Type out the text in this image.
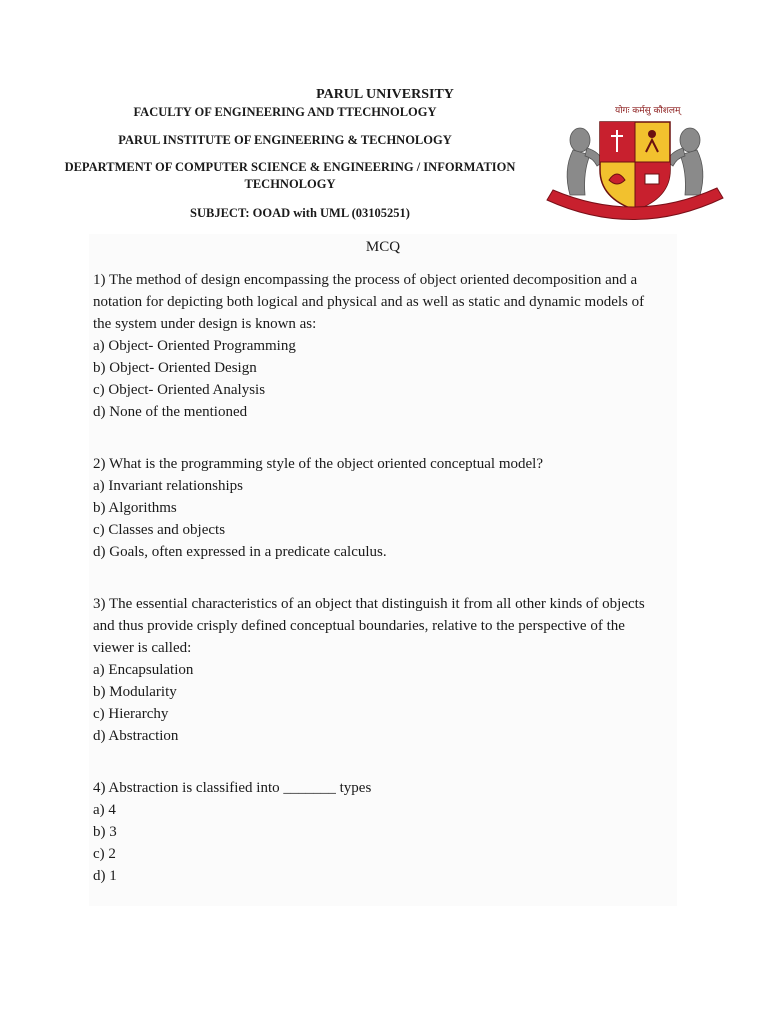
PARUL UNIVERSITY
FACULTY OF ENGINEERING AND TTECHNOLOGY
PARUL INSTITUTE OF ENGINEERING & TECHNOLOGY
DEPARTMENT OF COMPUTER SCIENCE & ENGINEERING / INFORMATION
TECHNOLOGY
SUBJECT: OOAD with UML (03105251)
योगः कर्मसु कौशलम्
MCQ

1) The method of design encompassing the process of object oriented decomposition and a

notation for depicting both logical and physical and as well as static and dynamic models of

the system under design is known as:

a) Object- Oriented Programming

b) Object- Oriented Design

c) Object- Oriented Analysis

d) None of the mentioned

2) What is the programming style of the object oriented conceptual model?

a) Invariant relationships

b) Algorithms

c) Classes and objects

d) Goals, often expressed in a predicate calculus.

3) The essential characteristics of an object that distinguish it from all other kinds of objects

and thus provide crisply defined conceptual boundaries, relative to the perspective of the

viewer is called:

a) Encapsulation

b) Modularity

c) Hierarchy

d) Abstraction

4) Abstraction is classified into _______ types

a) 4

b) 3

c) 2

d) 1
